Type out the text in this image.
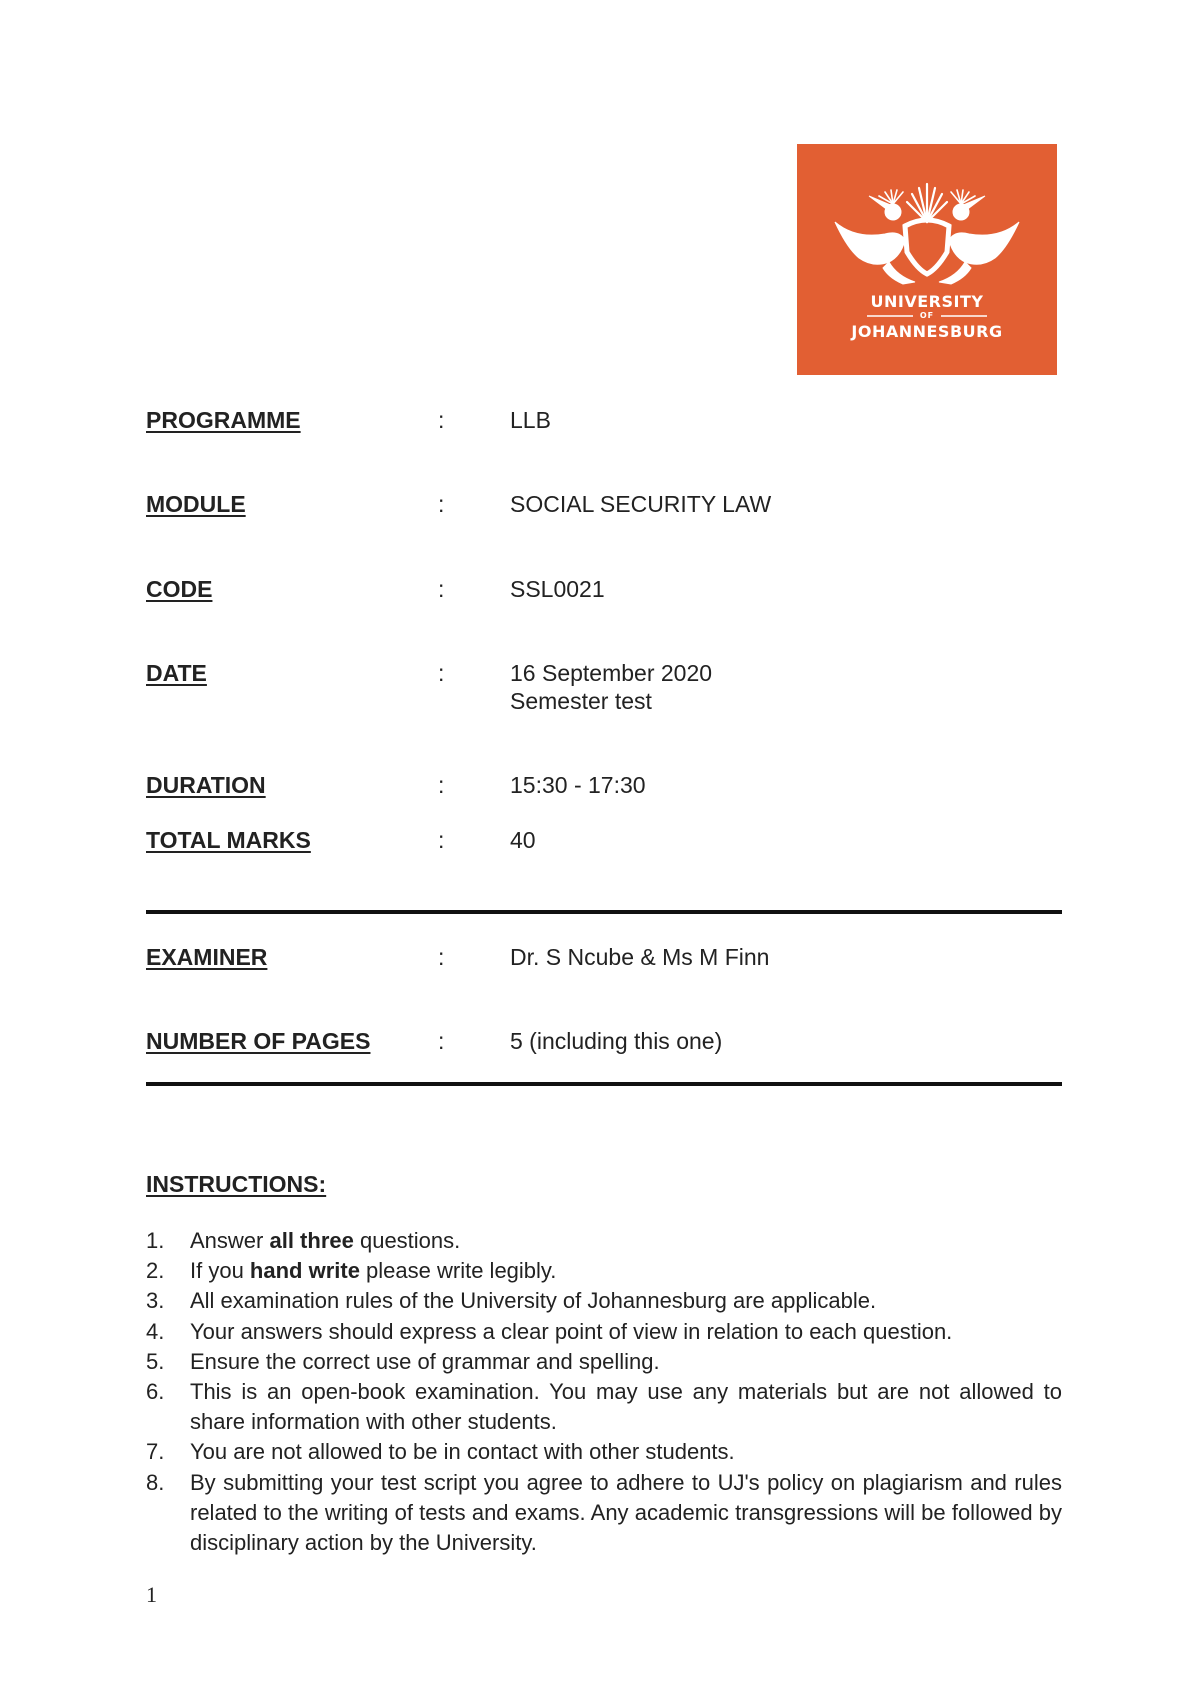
UNIVERSITY
OF
JOHANNESBURG
PROGRAMME	:	LLB
MODULE	:	SOCIAL SECURITY LAW
CODE	:	SSL0021
DATE	:	16 September 2020
Semester test
DURATION	:	15:30 - 17:30
TOTAL MARKS	:	40
EXAMINER	:	Dr. S Ncube & Ms M Finn
NUMBER OF PAGES	:	5 (including this one)
INSTRUCTIONS:
1. Answer all three questions.
2. If you hand write please write legibly.
3. All examination rules of the University of Johannesburg are applicable.
4. Your answers should express a clear point of view in relation to each question.
5. Ensure the correct use of grammar and spelling.
6. This is an open-book examination. You may use any materials but are not allowed to share information with other students.
7. You are not allowed to be in contact with other students.
8. By submitting your test script you agree to adhere to UJ's policy on plagiarism and rules related to the writing of tests and exams. Any academic transgressions will be followed by disciplinary action by the University.
1
